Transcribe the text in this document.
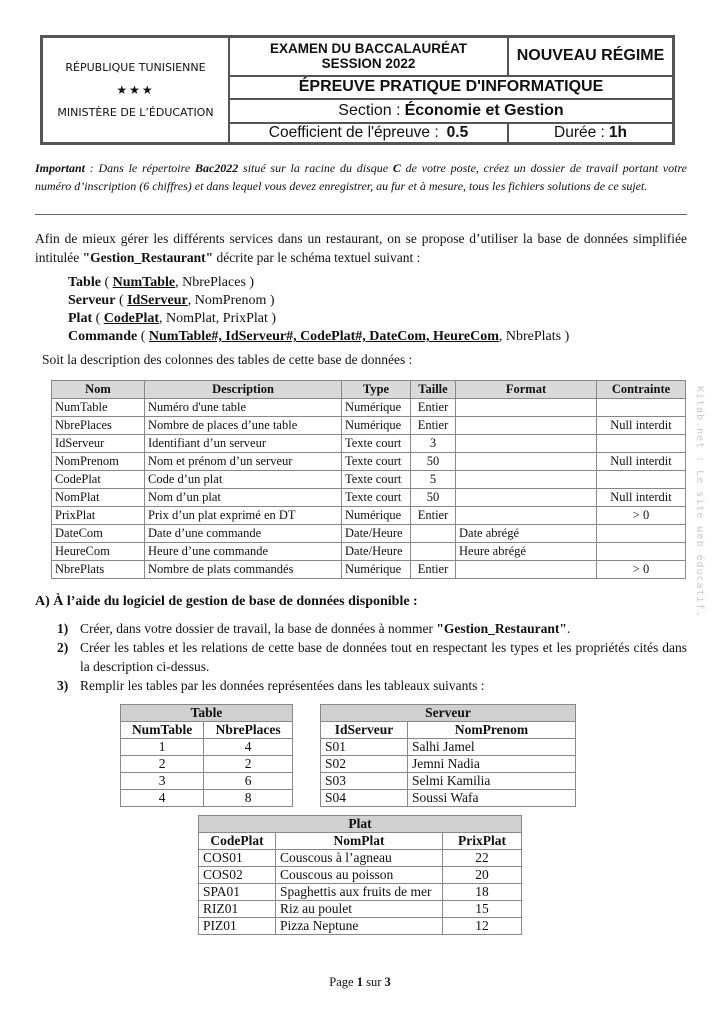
RÉPUBLIQUE TUNISIENNE
★★★
MINISTÈRE DE L’ÉDUCATION
EXAMEN DU BACCALAURÉAT
SESSION 2022	NOUVEAU RÉGIME
ÉPREUVE PRATIQUE D'INFORMATIQUE
Section : Économie et Gestion
Coefficient de l'épreuve : 0.5	Durée : 1h
Important : Dans le répertoire Bac2022 situé sur la racine du disque C de votre poste, créez un dossier de travail portant votre numéro d’inscription (6 chiffres) et dans lequel vous devez enregistrer, au fur et à mesure, tous les fichiers solutions de ce sujet.
Afin de mieux gérer les différents services dans un restaurant, on se propose d’utiliser la base de données simplifiée intitulée "Gestion_Restaurant" décrite par le schéma textuel suivant :
Table ( NumTable, NbrePlaces )
Serveur ( IdServeur, NomPrenom )
Plat ( CodePlat, NomPlat, PrixPlat )
Commande ( NumTable#, IdServeur#, CodePlat#, DateCom, HeureCom, NbrePlats )
Soit la description des colonnes des tables de cette base de données :
Nom	Description	Type	Taille	Format	Contrainte
NumTable	Numéro d'une table	Numérique	Entier		
NbrePlaces	Nombre de places d’une table	Numérique	Entier		Null interdit
IdServeur	Identifiant d’un serveur	Texte court	3		
NomPrenom	Nom et prénom d’un serveur	Texte court	50		Null interdit
CodePlat	Code d’un plat	Texte court	5		
NomPlat	Nom d’un plat	Texte court	50		Null interdit
PrixPlat	Prix d’un plat exprimé en DT	Numérique	Entier		> 0
DateCom	Date d’une commande	Date/Heure		Date abrégé	
HeureCom	Heure d’une commande	Date/Heure		Heure abrégé	
NbrePlats	Nombre de plats commandés	Numérique	Entier		> 0	Kitab.net : Le site web éducatif.
A) À l’aide du logiciel de gestion de base de données disponible :
1) Créer, dans votre dossier de travail, la base de données à nommer "Gestion_Restaurant".
2) Créer les tables et les relations de cette base de données tout en respectant les types et les propriétés cités dans la description ci-dessus.
3) Remplir les tables par les données représentées dans les tableaux suivants :
Table	
NumTable	NbrePlaces
1	4
2	2
3	6
4	8
Serveur	
IdServeur	NomPrenom
S01	Salhi Jamel
S02	Jemni Nadia
S03	Selmi Kamilia
S04	Soussi Wafa
Plat		
CodePlat	NomPlat	PrixPlat
COS01	Couscous à l’agneau	22
COS02	Couscous au poisson	20
SPA01	Spaghettis aux fruits de mer	18
RIZ01	Riz au poulet	15
PIZ01	Pizza Neptune	12
Page 1 sur 3
